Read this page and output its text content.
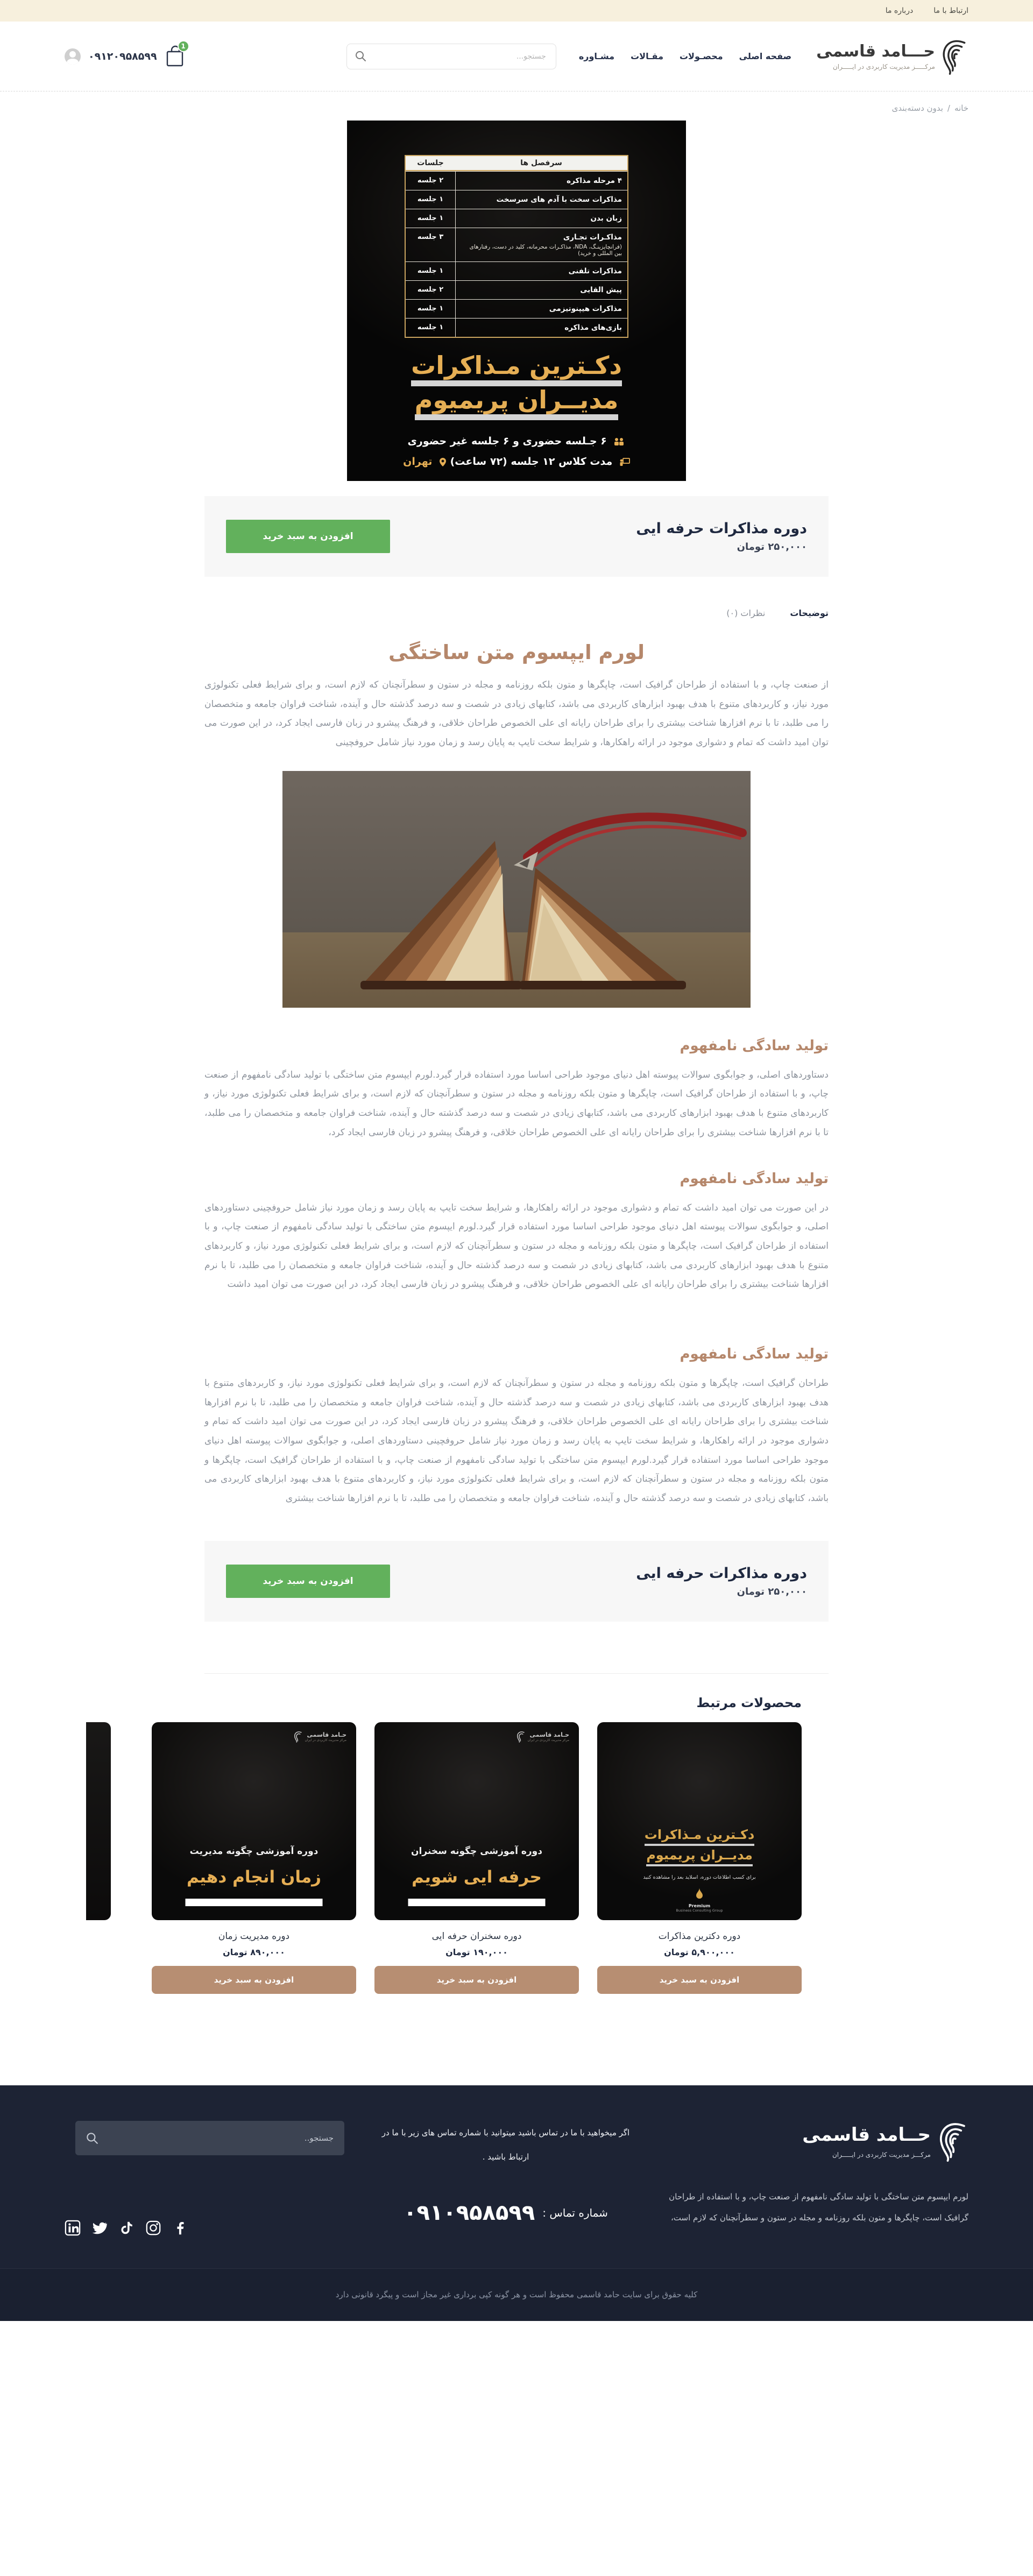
ارتباط با ما
درباره ما
حـــامد قاسمی
مرکـــــز مدیریت کاربردی در ایـــــران
صفحه اصلی
محصـولات
مقـالات
مشـاوره
جستجو...
1
۰۹۱۲۰۹۵۸۵۹۹
خانه/بدون دسته‌بندی
سرفصل ها
جلسات
۴ مرحله مذاکره
۲ جلسه
مذاکرات سخت با آدم های سرسخت
۱ جلسه
زبان بدن
۱ جلسه
مذاکـرات تجـاری
(فرانچایزینـگ، NDA، مذاکـرات محرمانه، کلید در دست، رفتارهای بین المللی و خرید)
۳ جلسه
مذاکرات تلفنی
۱ جلسه
پیش القایی
۲ جلسه
مذاکرات هیپنوتیزمی
۱ جلسه
بازی‌های مذاکره
۱ جلسه
دکـترین مـذاکرات
مدیــران پریمیوم
۶ جـلسه حضوری و ۶ جلسه غیر حضوری
مدت کلاس ۱۲ جلسه (۷۲ ساعت)  تهران
دوره مذاکرات حرفه ایی
۲۵۰,۰۰۰ تومان
افزودن به سبد خرید
توضیحات
نظرات (۰)
لورم ایپسوم متن ساختگی

از صنعت چاپ، و با استفاده از طراحان گرافیک است، چاپگرها و متون بلکه روزنامه و مجله در ستون و سطرآنچنان که لازم است، و برای شرایط فعلی تکنولوژی مورد نیاز، و کاربردهای متنوع با هدف بهبود ابزارهای کاربردی می باشد، کتابهای زیادی در شصت و سه درصد گذشته حال و آینده، شناخت فراوان جامعه و متخصصان را می طلبد، تا با نرم افزارها شناخت بیشتری را برای طراحان رایانه ای علی الخصوص طراحان خلاقی، و فرهنگ پیشرو در زبان فارسی ایجاد کرد، در این صورت می توان امید داشت که تمام و دشواری موجود در ارائه راهکارها، و شرایط سخت تایپ به پایان رسد و زمان مورد نیاز شامل حروفچینی

تولید سادگی نامفهوم

دستاوردهای اصلی، و جوابگوی سوالات پیوسته اهل دنیای موجود طراحی اساسا مورد استفاده قرار گیرد.لورم ایپسوم متن ساختگی با تولید سادگی نامفهوم از صنعت چاپ، و با استفاده از طراحان گرافیک است، چاپگرها و متون بلکه روزنامه و مجله در ستون و سطرآنچنان که لازم است، و برای شرایط فعلی تکنولوژی مورد نیاز، و کاربردهای متنوع با هدف بهبود ابزارهای کاربردی می باشد، کتابهای زیادی در شصت و سه درصد گذشته حال و آینده، شناخت فراوان جامعه و متخصصان را می طلبد، تا با نرم افزارها شناخت بیشتری را برای طراحان رایانه ای علی الخصوص طراحان خلاقی، و فرهنگ پیشرو در زبان فارسی ایجاد کرد،

تولید سادگی نامفهوم

در این صورت می توان امید داشت که تمام و دشواری موجود در ارائه راهکارها، و شرایط سخت تایپ به پایان رسد و زمان مورد نیاز شامل حروفچینی دستاوردهای اصلی، و جوابگوی سوالات پیوسته اهل دنیای موجود طراحی اساسا مورد استفاده قرار گیرد.لورم ایپسوم متن ساختگی با تولید سادگی نامفهوم از صنعت چاپ، و با استفاده از طراحان گرافیک است، چاپگرها و متون بلکه روزنامه و مجله در ستون و سطرآنچنان که لازم است، و برای شرایط فعلی تکنولوژی مورد نیاز، و کاربردهای متنوع با هدف بهبود ابزارهای کاربردی می باشد، کتابهای زیادی در شصت و سه درصد گذشته حال و آینده، شناخت فراوان جامعه و متخصصان را می طلبد، تا با نرم افزارها شناخت بیشتری را برای طراحان رایانه ای علی الخصوص طراحان خلاقی، و فرهنگ پیشرو در زبان فارسی ایجاد کرد، در این صورت می توان امید داشت

تولید سادگی نامفهوم

طراحان گرافیک است، چاپگرها و متون بلکه روزنامه و مجله در ستون و سطرآنچنان که لازم است، و برای شرایط فعلی تکنولوژی مورد نیاز، و کاربردهای متنوع با هدف بهبود ابزارهای کاربردی می باشد، کتابهای زیادی در شصت و سه درصد گذشته حال و آینده، شناخت فراوان جامعه و متخصصان را می طلبد، تا با نرم افزارها شناخت بیشتری را برای طراحان رایانه ای علی الخصوص طراحان خلاقی، و فرهنگ پیشرو در زبان فارسی ایجاد کرد، در این صورت می توان امید داشت که تمام و دشواری موجود در ارائه راهکارها، و شرایط سخت تایپ به پایان رسد و زمان مورد نیاز شامل حروفچینی دستاوردهای اصلی، و جوابگوی سوالات پیوسته اهل دنیای موجود طراحی اساسا مورد استفاده قرار گیرد.لورم ایپسوم متن ساختگی با تولید سادگی نامفهوم از صنعت چاپ، و با استفاده از طراحان گرافیک است، چاپگرها و متون بلکه روزنامه و مجله در ستون و سطرآنچنان که لازم است، و برای شرایط فعلی تکنولوژی مورد نیاز، و کاربردهای متنوع با هدف بهبود ابزارهای کاربردی می باشد، کتابهای زیادی در شصت و سه درصد گذشته حال و آینده، شناخت فراوان جامعه و متخصصان را می طلبد، تا با نرم افزارها شناخت بیشتری

دوره مذاکرات حرفه ایی
۲۵۰,۰۰۰ تومان
افزودن به سبد خرید
محصولات مرتبط
دکـترین مـذاکرات
مدیــران پریمیوم
برای کسب اطلاعات دوره، اسلاید بعد را مشاهده کنید
Premium
Business Consulting Group
دوره دکترین مذاکرات
۵,۹۰۰,۰۰۰ تومان
افزودن به سبد خرید
حـامد قاسمی
مرکز مدیریت کاربردی در ایران
دوره آموزشی چگونه سخنران
حرفه ایی شویم
دوره سخنران حرفه ایی
۱۹۰,۰۰۰ تومان
افزودن به سبد خرید
حـامد قاسمی
مرکز مدیریت کاربردی در ایران
دوره آموزشی چگونه مدیریت
زمان انجام دهیم
دوره مدیریت زمان
۸۹۰,۰۰۰ تومان
افزودن به سبد خرید
حــامد قاسمی
مرکـــز مدیریت کاربردی در ایـــــران

لورم ایپسوم متن ساختگی با تولید سادگی نامفهوم از صنعت چاپ، و با استفاده از طراحان گرافیک است، چاپگرها و متون بلکه روزنامه و مجله در ستون و سطرآنچنان که لازم است،

اگر میخواهید با ما در تماس باشید میتوانید با شماره تماس های زیر با ما در ارتباط باشید .

شماره تماس :
۰۹۱۰۹۵۸۵۹۹
جستجو..

کلیه حقوق برای سایت حامد قاسمی محفوظ است و هر گونه کپی برداری غیر مجاز است و پیگرد قانونی دارد
